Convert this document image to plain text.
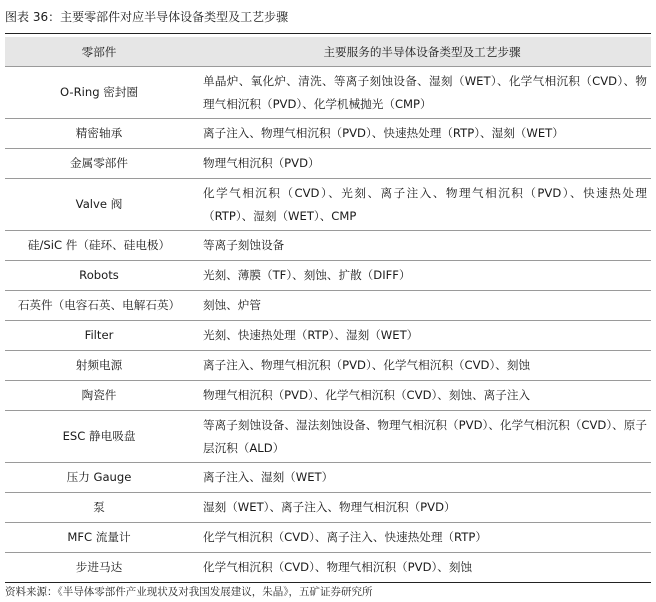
图表 36：主要零部件对应半导体设备类型及工艺步骤
零部件	主要服务的半导体设备类型及工艺步骤
O-Ring 密封圈	单晶炉、氧化炉、清洗、等离子刻蚀设备、湿刻（WET）、化学气相沉积（CVD）、物理气相沉积（PVD）、化学机械抛光（CMP）
精密轴承	离子注入、物理气相沉积（PVD）、快速热处理（RTP）、湿刻（WET）
金属零部件	物理气相沉积（PVD）
Valve 阀	化学气相沉积（CVD）、光刻、离子注入、物理气相沉积（PVD）、快速热处理（RTP）、湿刻（WET）、CMP
硅/SiC 件（硅环、硅电极）	等离子刻蚀设备
Robots	光刻、薄膜（TF）、刻蚀、扩散（DIFF）
石英件（电容石英、电解石英）	刻蚀、炉管
Filter	光刻、快速热处理（RTP）、湿刻（WET）
射频电源	离子注入、物理气相沉积（PVD）、化学气相沉积（CVD）、刻蚀
陶瓷件	物理气相沉积（PVD）、化学气相沉积（CVD）、刻蚀、离子注入
ESC 静电吸盘	等离子刻蚀设备、湿法刻蚀设备、物理气相沉积（PVD）、化学气相沉积（CVD）、原子层沉积（ALD）
压力 Gauge	离子注入、湿刻（WET）
泵	湿刻（WET）、离子注入、物理气相沉积（PVD）
MFC 流量计	化学气相沉积（CVD）、离子注入、快速热处理（RTP）
步进马达	化学气相沉积（CVD）、物理气相沉积（PVD）、刻蚀
资料来源：《半导体零部件产业现状及对我国发展建议，朱晶》，五矿证券研究所
